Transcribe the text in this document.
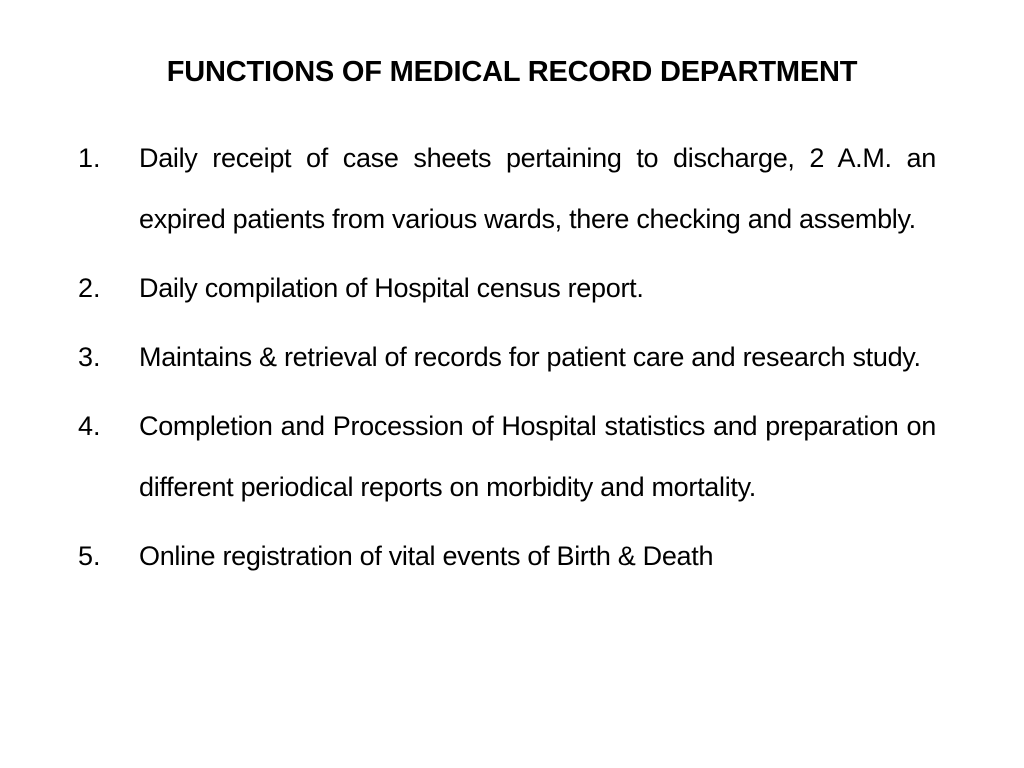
FUNCTIONS OF MEDICAL RECORD DEPARTMENT
1.	Daily receipt of case sheets pertaining to discharge, 2 A.M. an expired patients from various wards, there checking and assembly.
2.	Daily compilation of Hospital census report.
3.	Maintains & retrieval of records for patient care and research study.
4.	Completion and Procession of Hospital statistics and preparation on different periodical reports on morbidity and mortality.
5.	Online registration of vital events of Birth & Death
